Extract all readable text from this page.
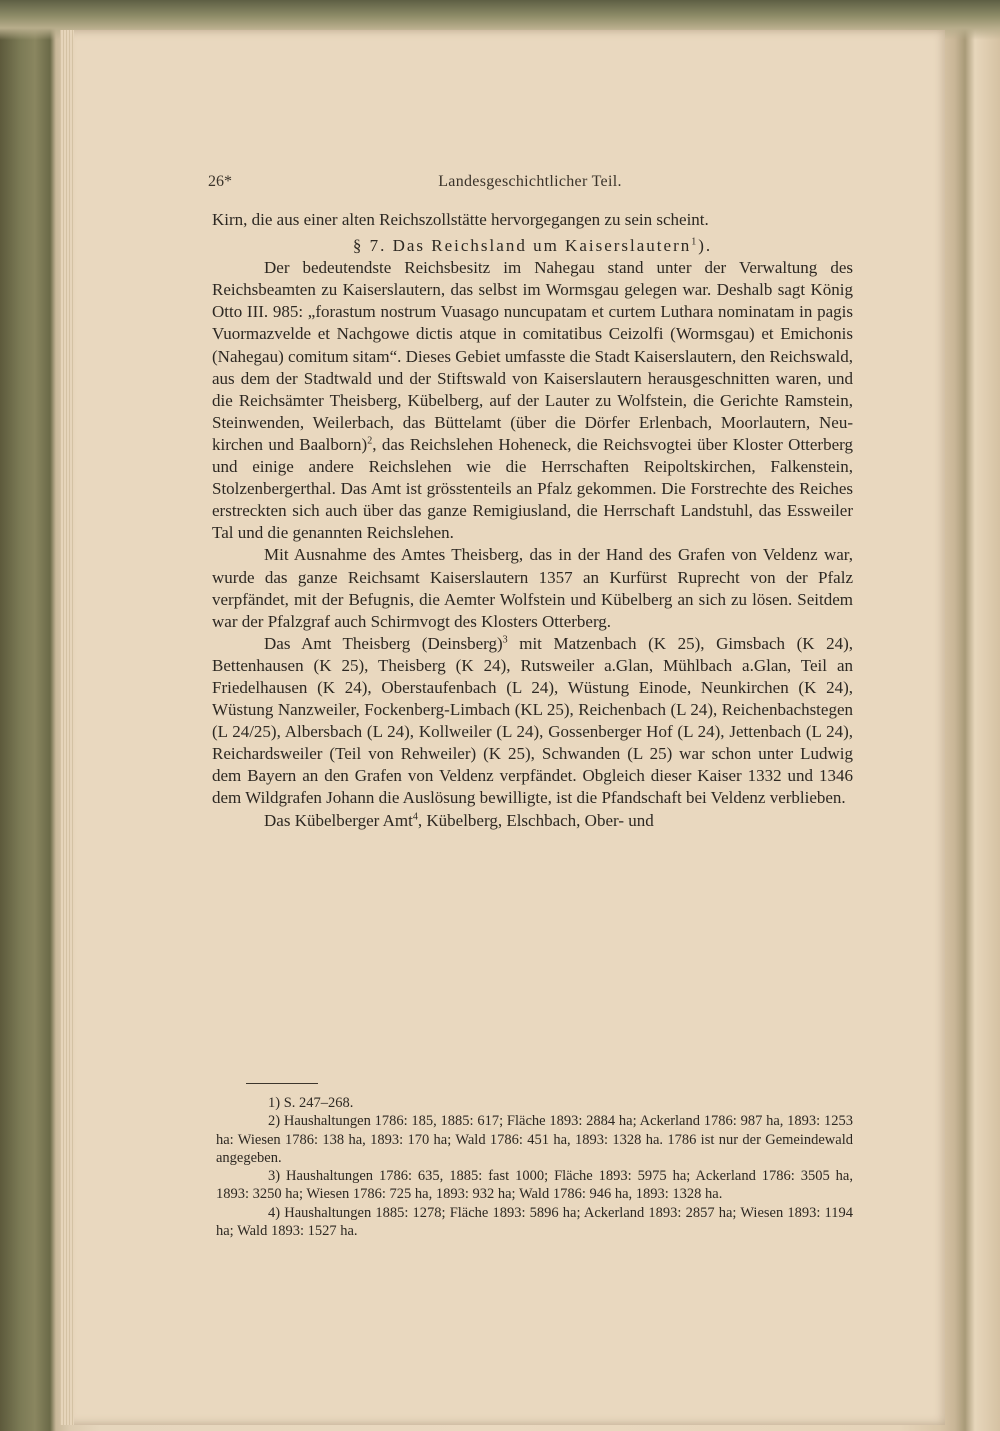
Landesgeschichtlicher Teil.
26*

Kirn, die aus einer alten Reichszollstätte hervorgegangen zu sein scheint.

§ 7. Das Reichsland um Kaiserslautern$^1$).

Der bedeutendste Reichsbesitz im Nahegau stand unter der Verwaltung des Reichsbeamten zu Kaiserslautern, das selbst im Wormsgau gelegen war. Deshalb sagt König Otto III. 985: „forastum nostrum Vuasago nuncupatam et curtem Luthara nominatam in pagis Vuormazvelde et Nachgowe dictis atque in comitatibus Ceizolfi (Wormsgau) et Emichonis (Nahegau) comitum sitam“. Dieses Gebiet umfasste die Stadt Kaiserslautern, den Reichswald, aus dem der Stadtwald und der Stiftswald von Kaiserslautern herausgeschnitten waren, und die Reichsämter Theisberg, Kübelberg, auf der Lauter zu Wolfstein, die Gerichte Ramstein, Steinwenden, Weilerbach, das Büttelamt (über die Dörfer Erlenbach, Moorlautern, Neukirchen und Baalborn)$^2$, das Reichslehen Hoheneck, die Reichsvogtei über Kloster Otterberg und einige andere Reichslehen wie die Herrschaften Reipoltskirchen, Falkenstein, Stolzenbergerthal. Das Amt ist grösstenteils an Pfalz gekommen. Die Forstrechte des Reiches erstreckten sich auch über das ganze Remigiusland, die Herrschaft Landstuhl, das Essweiler Tal und die genannten Reichslehen.

Mit Ausnahme des Amtes Theisberg, das in der Hand des Grafen von Veldenz war, wurde das ganze Reichsamt Kaiserslautern 1357 an Kurfürst Ruprecht von der Pfalz verpfändet, mit der Befugnis, die Aemter Wolfstein und Kübelberg an sich zu lösen. Seitdem war der Pfalzgraf auch Schirmvogt des Klosters Otterberg.

Das Amt Theisberg (Deinsberg)$^3$ mit Matzenbach (K 25), Gimsbach (K 24), Bettenhausen (K 25), Theisberg (K 24), Rutsweiler a.Glan, Mühlbach a.Glan, Teil an Friedelhausen (K 24), Oberstaufenbach (L 24), Wüstung Einode, Neunkirchen (K 24), Wüstung Nanzweiler, Fockenberg-Limbach (KL 25), Reichenbach (L 24), Reichenbachstegen (L 24/25), Albersbach (L 24), Kollweiler (L 24), Gossenberger Hof (L 24), Jettenbach (L 24), Reichardsweiler (Teil von Rehweiler) (K 25), Schwanden (L 25) war schon unter Ludwig dem Bayern an den Grafen von Veldenz verpfändet. Obgleich dieser Kaiser 1332 und 1346 dem Wildgrafen Johann die Auslösung bewilligte, ist die Pfandschaft bei Veldenz verblieben.

Das Kübelberger Amt$^4$, Kübelberg, Elschbach, Ober- und

1) S. 247–268.

2) Haushaltungen 1786: 185, 1885: 617; Fläche 1893: 2884 ha; Ackerland 1786: 987 ha, 1893: 1253 ha: Wiesen 1786: 138 ha, 1893: 170 ha; Wald 1786: 451 ha, 1893: 1328 ha. 1786 ist nur der Gemeindewald angegeben.

3) Haushaltungen 1786: 635, 1885: fast 1000; Fläche 1893: 5975 ha; Ackerland 1786: 3505 ha, 1893: 3250 ha; Wiesen 1786: 725 ha, 1893: 932 ha; Wald 1786: 946 ha, 1893: 1328 ha.

4) Haushaltungen 1885: 1278; Fläche 1893: 5896 ha; Ackerland 1893: 2857 ha; Wiesen 1893: 1194 ha; Wald 1893: 1527 ha.
